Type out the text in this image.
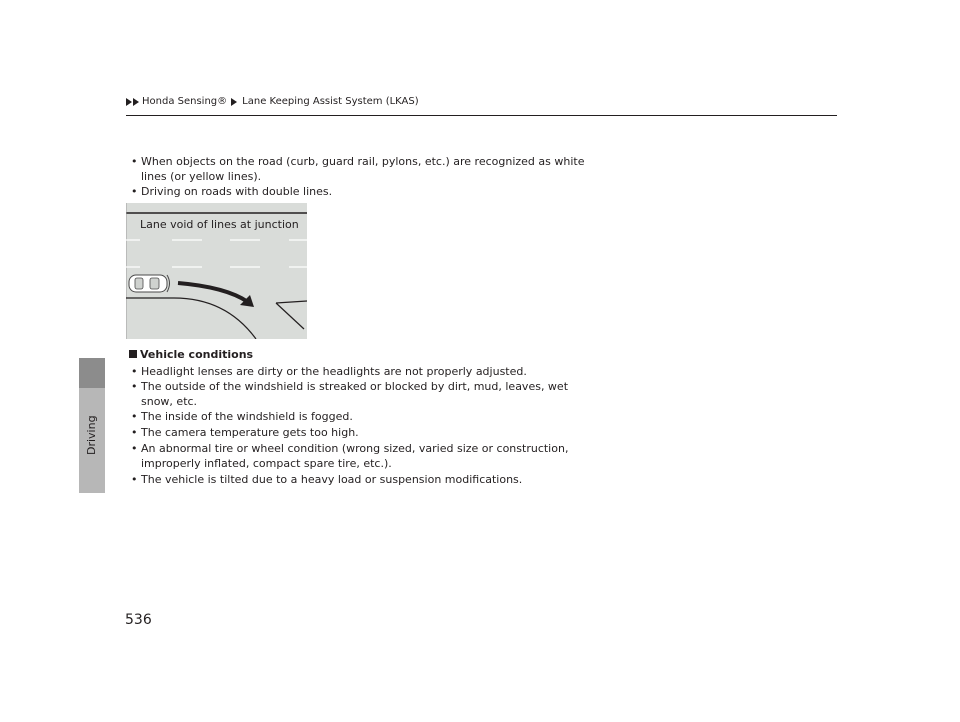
Driving
Honda Sensing® Lane Keeping Assist System (LKAS)
• When objects on the road (curb, guard rail, pylons, etc.) are recognized as white
lines (or yellow lines).
• Driving on roads with double lines.
Lane void of lines at junction
Vehicle conditions
• Headlight lenses are dirty or the headlights are not properly adjusted.
• The outside of the windshield is streaked or blocked by dirt, mud, leaves, wet
snow, etc.
• The inside of the windshield is fogged.
• The camera temperature gets too high.
• An abnormal tire or wheel condition (wrong sized, varied size or construction,
improperly inflated, compact spare tire, etc.).
• The vehicle is tilted due to a heavy load or suspension modifications.
536
